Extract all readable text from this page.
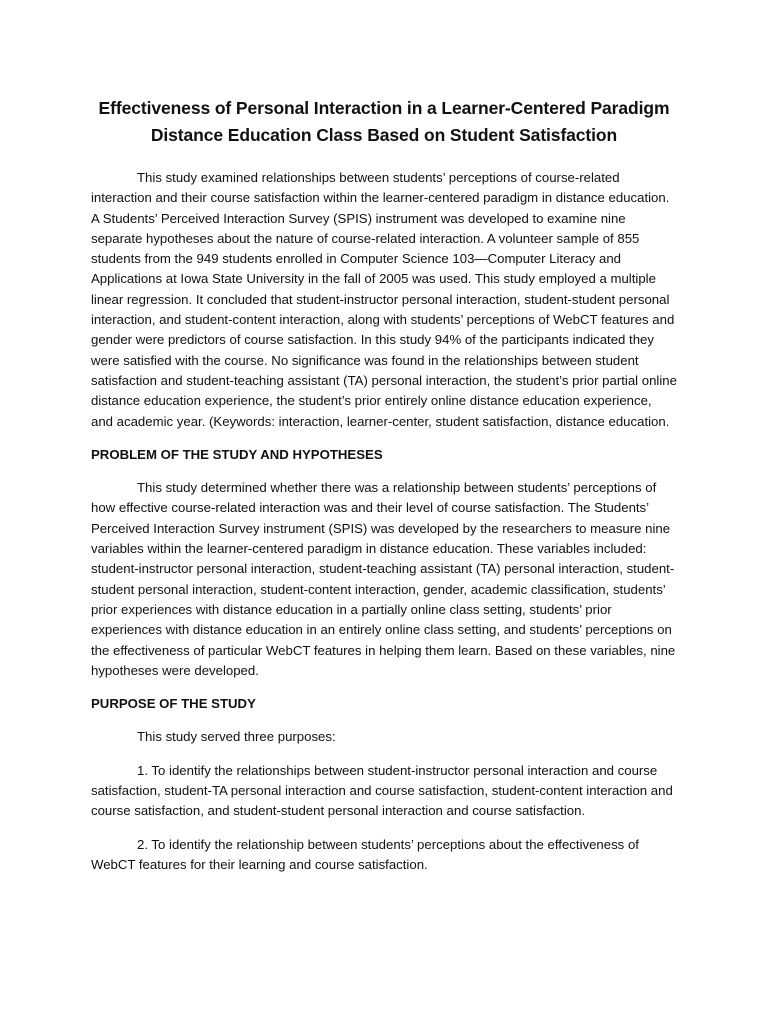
Effectiveness of Personal Interaction in a Learner-Centered Paradigm
Distance Education Class Based on Student Satisfaction

This study examined relationships between students’ perceptions of course-related interaction and their course satisfaction within the learner-centered paradigm in distance education. A Students’ Perceived Interaction Survey (SPIS) instrument was developed to examine nine separate hypotheses about the nature of course-related interaction. A volunteer sample of 855 students from the 949 students enrolled in Computer Science 103—Computer Literacy and Applications at Iowa State University in the fall of 2005 was used. This study employed a multiple linear regression. It concluded that student-instructor personal interaction, student-student personal interaction, and student-content interaction, along with students’ perceptions of WebCT features and gender were predictors of course satisfaction. In this study 94% of the participants indicated they were satisfied with the course. No significance was found in the relationships between student satisfaction and student-teaching assistant (TA) personal interaction, the student’s prior partial online distance education experience, the student’s prior entirely online distance education experience, and academic year. (Keywords: interaction, learner-center, student satisfaction, distance education.

PROBLEM OF THE STUDY AND HYPOTHESES

This study determined whether there was a relationship between students’ perceptions of how effective course-related interaction was and their level of course satisfaction. The Students’ Perceived Interaction Survey instrument (SPIS) was developed by the researchers to measure nine variables within the learner-centered paradigm in distance education. These variables included: student-instructor personal interaction, student-teaching assistant (TA) personal interaction, student-student personal interaction, student-content interaction, gender, academic classification, students’ prior experiences with distance education in a partially online class setting, students’ prior experiences with distance education in an entirely online class setting, and students’ perceptions on the effectiveness of particular WebCT features in helping them learn. Based on these variables, nine hypotheses were developed.

PURPOSE OF THE STUDY

This study served three purposes:

1. To identify the relationships between student-instructor personal interaction and course satisfaction, student-TA personal interaction and course satisfaction, student-content interaction and course satisfaction, and student-student personal interaction and course satisfaction.

2. To identify the relationship between students’ perceptions about the effectiveness of WebCT features for their learning and course satisfaction.
